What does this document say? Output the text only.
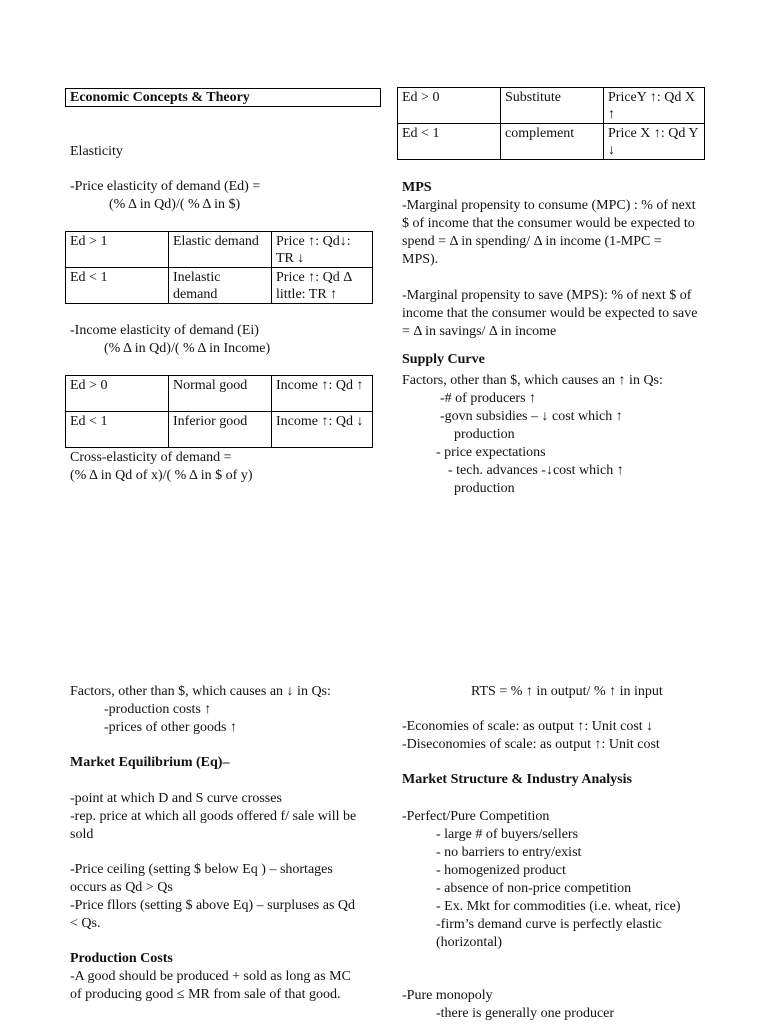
Economic Concepts & Theory

Elasticity

-Price elasticity of demand (Ed) =

(% Δ in Qd)/( % Δ in $)

Ed > 1	Elastic demand	Price ↑: Qd↓: TR ↓
Ed < 1	Inelastic demand	Price ↑: Qd Δ little: TR ↑

-Income elasticity of demand (Ei)

(% Δ in Qd)/( % Δ in Income)

Ed > 0	Normal good	Income ↑: Qd ↑
Ed < 1	Inferior good	Income ↑: Qd ↓

Cross-elasticity of demand =

(% Δ in Qd of x)/( % Δ in $ of y)

Ed > 0	Substitute	PriceY ↑: Qd X ↑
Ed < 1	complement	Price X ↑: Qd Y ↓

MPS

-Marginal propensity to consume (MPC) : % of next $ of income that the consumer would be expected to spend = Δ in spending/ Δ in income (1-MPC = MPS).

-Marginal propensity to save (MPS): % of next $ of income that the consumer would be expected to save = Δ in savings/ Δ in income

Supply Curve

Factors, other than $, which causes an ↑ in Qs:

-# of producers ↑

-govn subsidies – ↓ cost which ↑

production

- price expectations

- tech. advances -↓cost which ↑

production

Factors, other than $, which causes an ↓ in Qs:

-production costs ↑

-prices of other goods ↑

Market Equilibrium (Eq)–

-point at which D and S curve crosses

-rep. price at which all goods offered f/ sale will be sold

-Price ceiling (setting $ below Eq ) – shortages occurs as Qd > Qs

-Price fllors (setting $ above Eq) – surpluses as Qd < Qs.

Production Costs

-A good should be produced + sold as long as MC of producing good ≤ MR from sale of that good.

RTS = % ↑ in output/ % ↑ in input

-Economies of scale: as output ↑: Unit cost ↓

-Diseconomies of scale: as output ↑: Unit cost

Market Structure & Industry Analysis

-Perfect/Pure Competition

- large # of buyers/sellers

- no barriers to entry/exist

- homogenized product

- absence of non-price competition

- Ex. Mkt for commodities (i.e. wheat, rice)

-firm’s demand curve is perfectly elastic (horizontal)

-Pure monopoly

-there is generally one producer
